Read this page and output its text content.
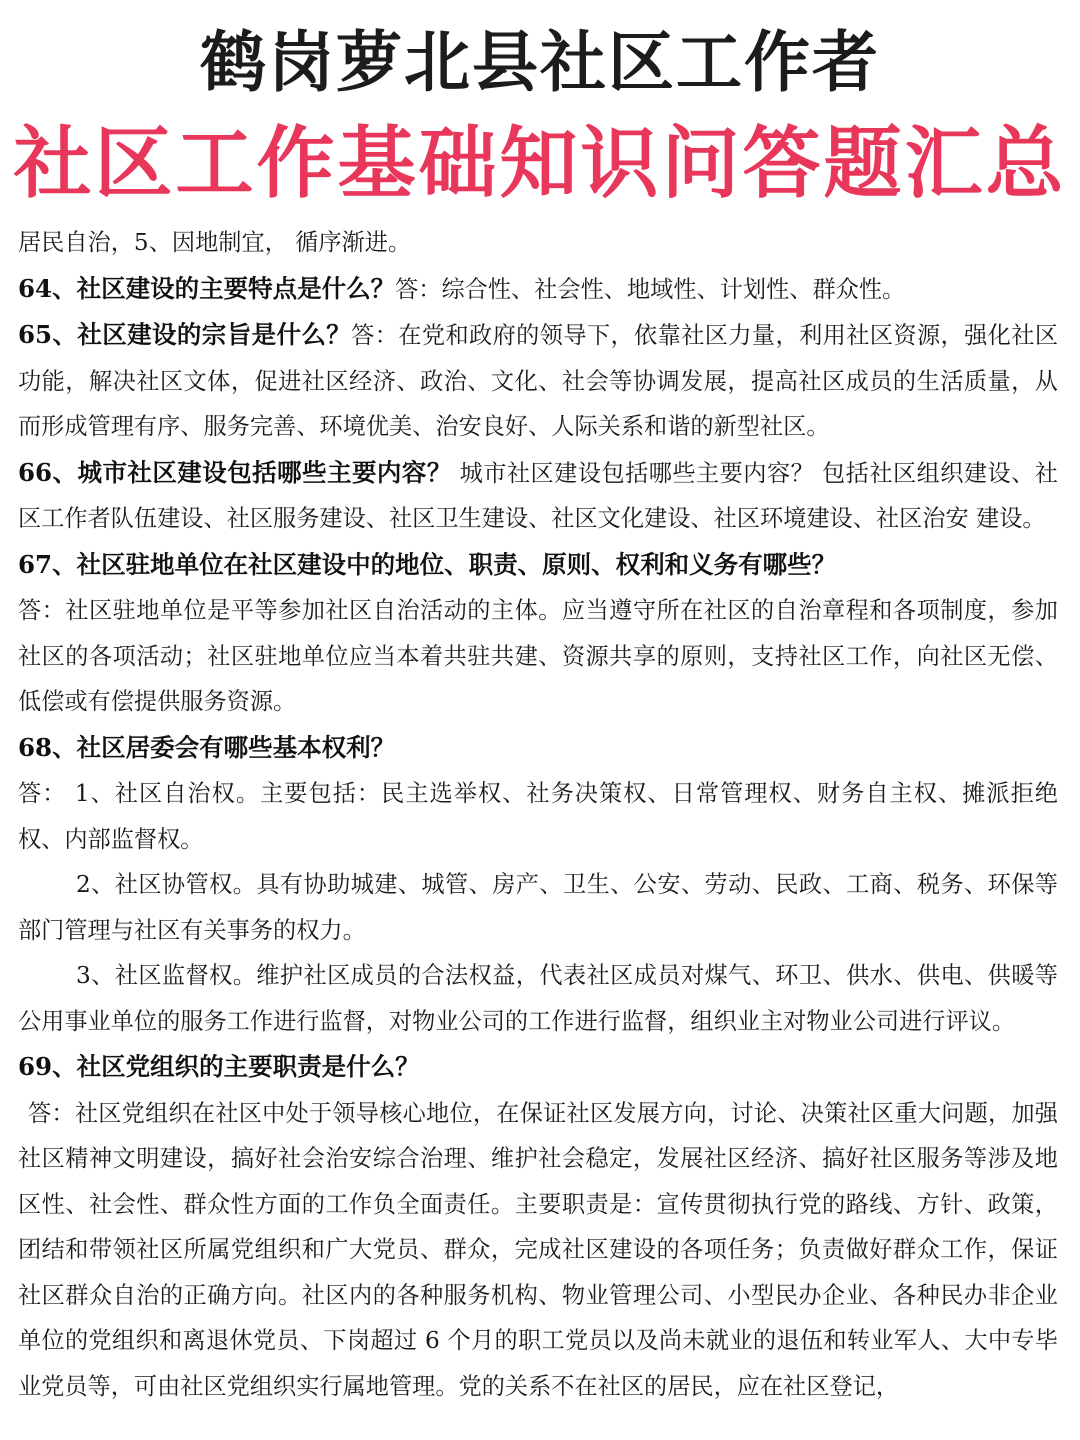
鹤岗萝北县社区工作者
社区工作基础知识问答题汇总

居民自治，5、因地制宜， 循序渐进。

64、社区建设的主要特点是什么？答：综合性、社会性、地域性、计划性、群众性。

65、社区建设的宗旨是什么？答：在党和政府的领导下，依靠社区力量，利用社区资源，强化社区功能，解决社区文体，促进社区经济、政治、文化、社会等协调发展，提高社区成员的生活质量，从而形成管理有序、服务完善、环境优美、治安良好、人际关系和谐的新型社区。

66、城市社区建设包括哪些主要内容？ 城市社区建设包括哪些主要内容？ 包括社区组织建设、社区工作者队伍建设、社区服务建设、社区卫生建设、社区文化建设、社区环境建设、社区治安 建设。

67、社区驻地单位在社区建设中的地位、职责、原则、权利和义务有哪些？

答：社区驻地单位是平等参加社区自治活动的主体。应当遵守所在社区的自治章程和各项制度，参加社区的各项活动；社区驻地单位应当本着共驻共建、资源共享的原则，支持社区工作，向社区无偿、低偿或有偿提供服务资源。

68、社区居委会有哪些基本权利？

答： 1、社区自治权。主要包括：民主选举权、社务决策权、日常管理权、财务自主权、摊派拒绝权、内部监督权。

2、社区协管权。具有协助城建、城管、房产、卫生、公安、劳动、民政、工商、税务、环保等部门管理与社区有关事务的权力。

3、社区监督权。维护社区成员的合法权益，代表社区成员对煤气、环卫、供水、供电、供暖等公用事业单位的服务工作进行监督，对物业公司的工作进行监督，组织业主对物业公司进行评议。

69、社区党组织的主要职责是什么？

答：社区党组织在社区中处于领导核心地位，在保证社区发展方向，讨论、决策社区重大问题，加强社区精神文明建设，搞好社会治安综合治理、维护社会稳定，发展社区经济、搞好社区服务等涉及地区性、社会性、群众性方面的工作负全面责任。主要职责是：宣传贯彻执行党的路线、方针、政策，团结和带领社区所属党组织和广大党员、群众，完成社区建设的各项任务；负责做好群众工作，保证社区群众自治的正确方向。社区内的各种服务机构、物业管理公司、小型民办企业、各种民办非企业单位的党组织和离退休党员、下岗超过 6 个月的职工党员以及尚未就业的退伍和转业军人、大中专毕业党员等，可由社区党组织实行属地管理。党的关系不在社区的居民，应在社区登记，
